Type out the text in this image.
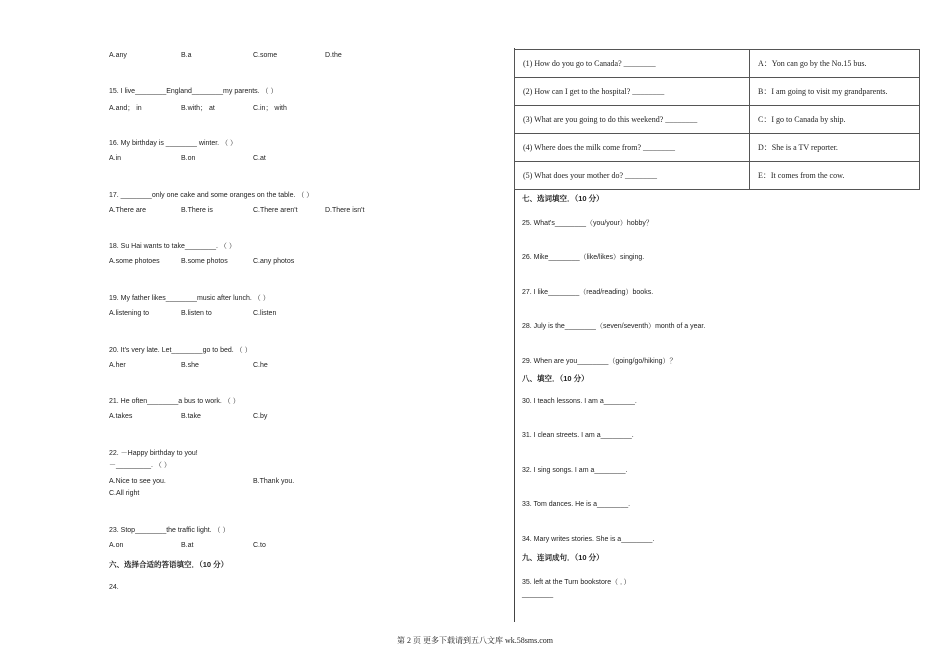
A.any	B.a	C.some	D.the
15. I live________England________my parents. （ ）
A.and； in	B.with； at	C.in； with
16. My birthday is ________ winter. （ ）
A.in	B.on	C.at
17. ________only one cake and some oranges on the table. （ ）
A.There are	B.There is	C.There aren't	D.There isn't
18. Su Hai wants to take________. （ ）
A.some photoes	B.some photos	C.any photos
19. My father likes________music after lunch. （ ）
A.listening to	B.listen to	C.listen
20. It's very late. Let________go to bed. （ ）
A.her	B.she	C.he
21. He often________a bus to work. （ ）
A.takes	B.take	C.by
22. －Happy birthday to you!
－_________. （ ）
A.Nice to see you.	B.Thank you.
C.All right
23. Stop________the traffic light. （ ）
A.on	B.at	C.to
六、选择合适的答语填空．（10 分）
24.
(1) How do you go to Canada? ________	A：Yon can go by the No.15 bus.
(2) How can I get to the hospital? ________	B：I am going to visit my grandparents.
(3) What are you going to do this weekend? ________	C：I go to Canada by ship.
(4) Where does the milk come from? ________	D：She is a TV reporter.
(5) What does your mother do? ________	E：It comes from the cow.
七、选词填空．（10 分）
25. What's________（you/your）hobby？
26. Mike________（like/likes）singing.
27. I like________（read/reading）books.
28. July is the________（seven/seventh）month of a year.
29. When are you________（going/go/hiking）？
八、填空．（10 分）
30. I teach lessons. I am a________.
31. I clean streets. I am a________.
32. I sing songs. I am a________.
33. Tom dances. He is a________.
34. Mary writes stories. She is a________.
九、连词成句．（10 分）
35. left at the Turn bookstore（ ．）
________
第 2 页 更多下载请到五八文库 wk.58sms.com
